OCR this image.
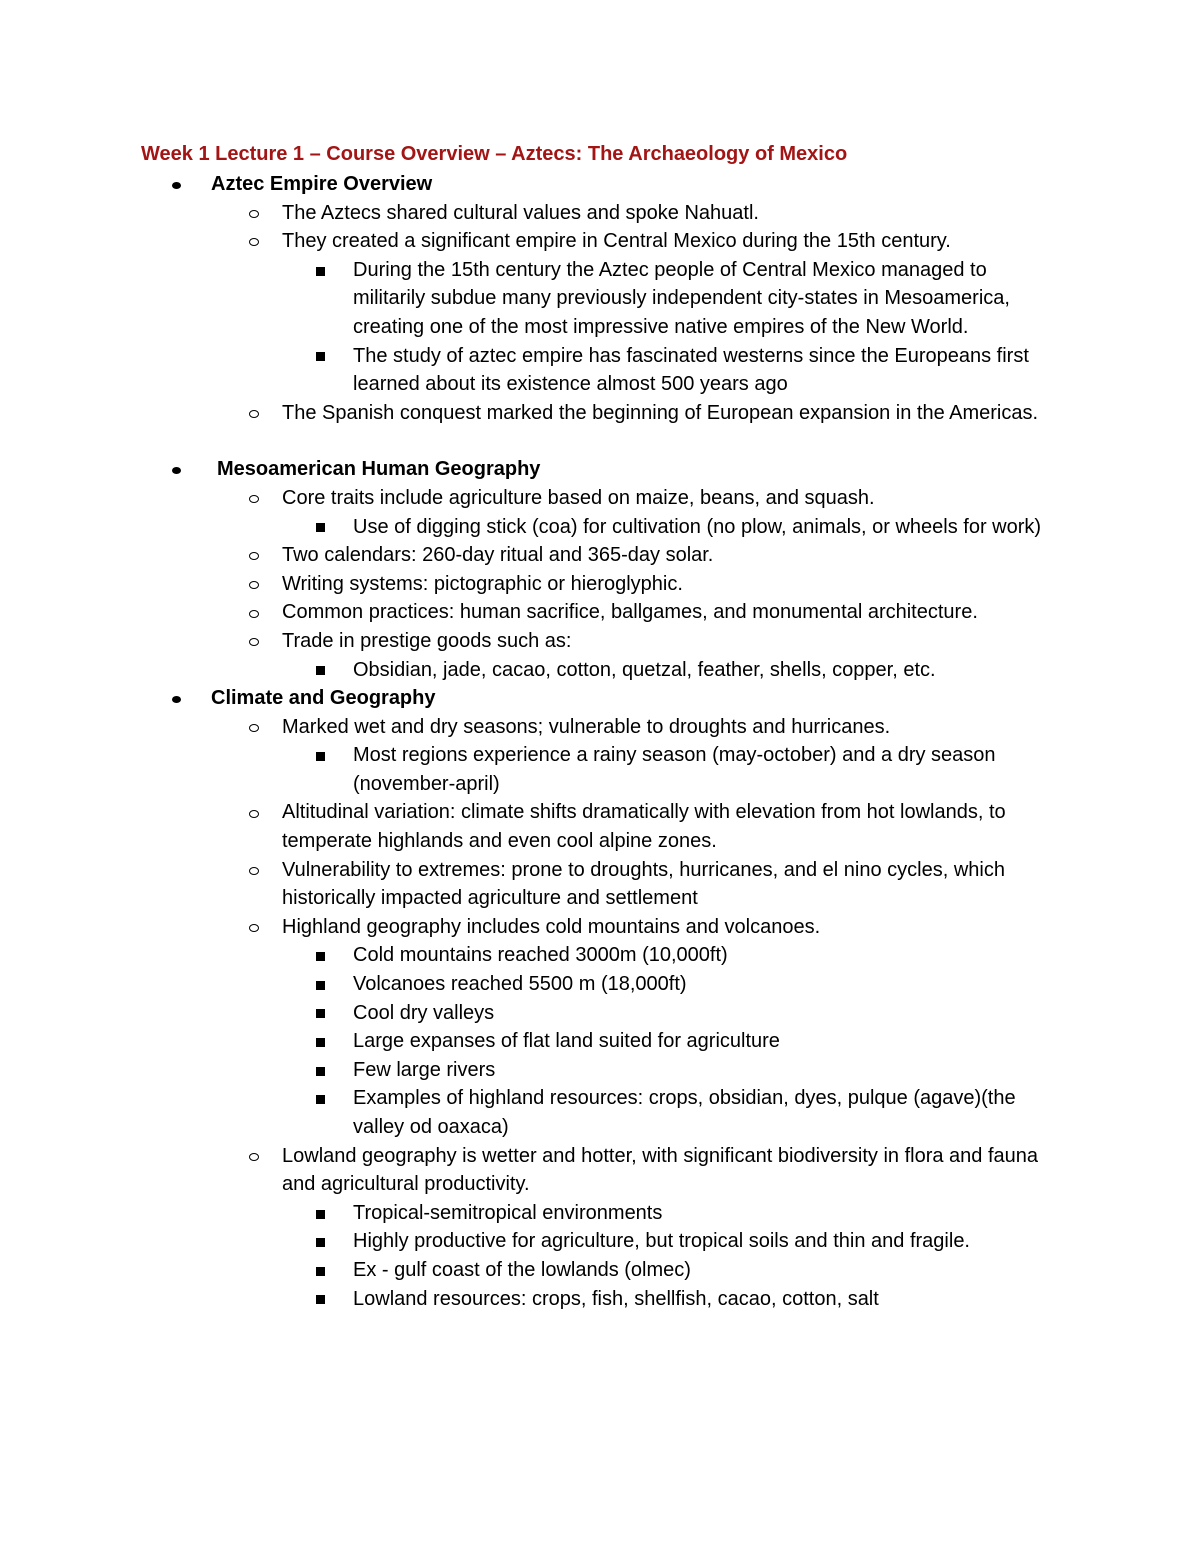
Week 1 Lecture 1 – Course Overview – Aztecs: The Archaeology of Mexico
Aztec Empire Overview
The Aztecs shared cultural values and spoke Nahuatl.
They created a significant empire in Central Mexico during the 15th century.
During the 15th century the Aztec people of Central Mexico managed to militarily subdue many previously independent city-states in Mesoamerica, creating one of the most impressive native empires of the New World.
The study of aztec empire has fascinated westerns since the Europeans first learned about its existence almost 500 years ago
The Spanish conquest marked the beginning of European expansion in the Americas.
Mesoamerican Human Geography
Core traits include agriculture based on maize, beans, and squash.
Use of digging stick (coa) for cultivation (no plow, animals, or wheels for work)
Two calendars: 260-day ritual and 365-day solar.
Writing systems: pictographic or hieroglyphic.
Common practices: human sacrifice, ballgames, and monumental architecture.
Trade in prestige goods such as:
Obsidian, jade, cacao, cotton, quetzal, feather, shells, copper, etc.
Climate and Geography
Marked wet and dry seasons; vulnerable to droughts and hurricanes.
Most regions experience a rainy season (may-october) and a dry season (november-april)
Altitudinal variation: climate shifts dramatically with elevation from hot lowlands, to temperate highlands and even cool alpine zones.
Vulnerability to extremes: prone to droughts, hurricanes, and el nino cycles, which historically impacted agriculture and settlement
Highland geography includes cold mountains and volcanoes.
Cold mountains reached 3000m (10,000ft)
Volcanoes reached 5500 m (18,000ft)
Cool dry valleys
Large expanses of flat land suited for agriculture
Few large rivers
Examples of highland resources: crops, obsidian, dyes, pulque (agave)(the valley od oaxaca)
Lowland geography is wetter and hotter, with significant biodiversity in flora and fauna and agricultural productivity.
Tropical-semitropical environments
Highly productive for agriculture, but tropical soils and thin and fragile.
Ex - gulf coast of the lowlands (olmec)
Lowland resources: crops, fish, shellfish, cacao, cotton, salt
